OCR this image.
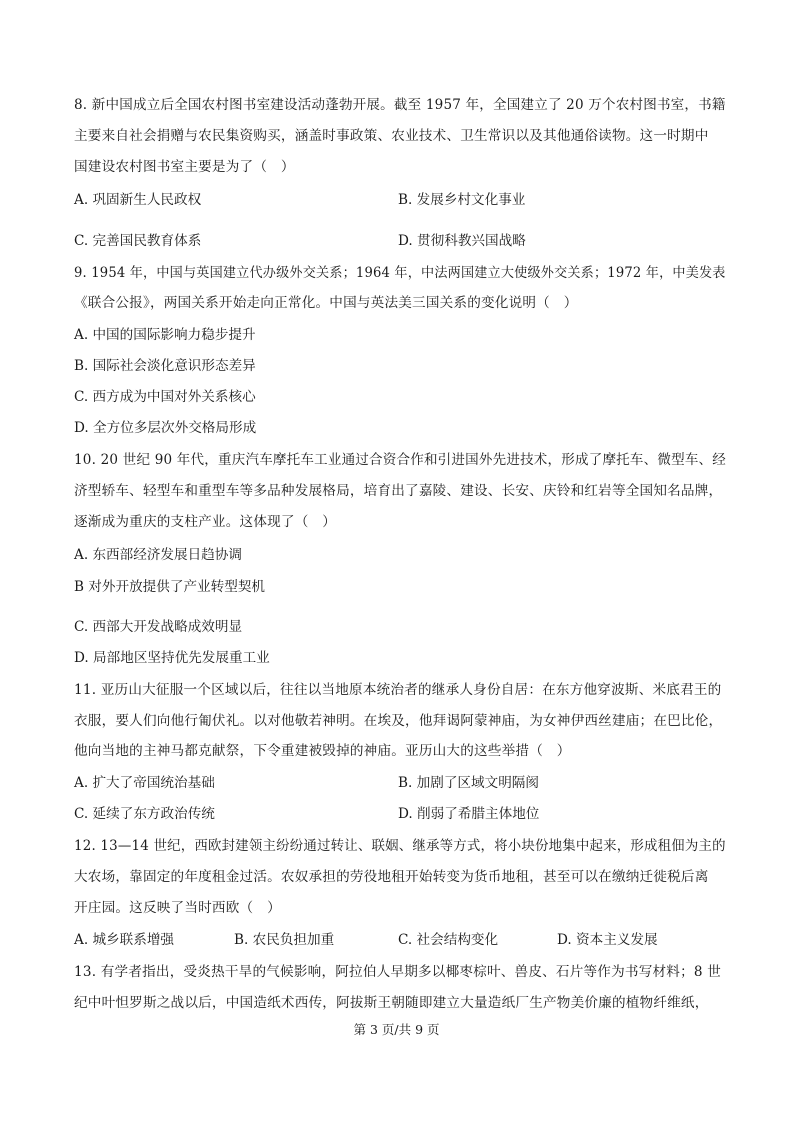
8. 新中国成立后全国农村图书室建设活动蓬勃开展。截至 1957 年，全国建立了 20 万个农村图书室，书籍
主要来自社会捐赠与农民集资购买，涵盖时事政策、农业技术、卫生常识以及其他通俗读物。这一时期中
国建设农村图书室主要是为了（　）
A. 巩固新生人民政权	B. 发展乡村文化事业
C. 完善国民教育体系	D. 贯彻科教兴国战略
9. 1954 年，中国与英国建立代办级外交关系；1964 年，中法两国建立大使级外交关系；1972 年，中美发表
《联合公报》，两国关系开始走向正常化。中国与英法美三国关系的变化说明（　）
A. 中国的国际影响力稳步提升
B. 国际社会淡化意识形态差异
C. 西方成为中国对外关系核心
D. 全方位多层次外交格局形成
10. 20 世纪 90 年代，重庆汽车摩托车工业通过合资合作和引进国外先进技术，形成了摩托车、微型车、经
济型轿车、轻型车和重型车等多品种发展格局，培育出了嘉陵、建设、长安、庆铃和红岩等全国知名品牌，
逐渐成为重庆的支柱产业。这体现了（　）
A. 东西部经济发展日趋协调
B 对外开放提供了产业转型契机
C. 西部大开发战略成效明显
D. 局部地区坚持优先发展重工业
11. 亚历山大征服一个区域以后，往往以当地原本统治者的继承人身份自居：在东方他穿波斯、米底君王的
衣服，要人们向他行匍伏礼。以对他敬若神明。在埃及，他拜谒阿蒙神庙，为女神伊西丝建庙；在巴比伦，
他向当地的主神马都克献祭，下令重建被毁掉的神庙。亚历山大的这些举措（　）
A. 扩大了帝国统治基础	B. 加剧了区域文明隔阂
C. 延续了东方政治传统	D. 削弱了希腊主体地位
12. 13—14 世纪，西欧封建领主纷纷通过转让、联姻、继承等方式，将小块份地集中起来，形成租佃为主的
大农场，靠固定的年度租金过活。农奴承担的劳役地租开始转变为货币地租，甚至可以在缴纳迁徙税后离
开庄园。这反映了当时西欧（　）
A. 城乡联系增强	B. 农民负担加重	C. 社会结构变化	D. 资本主义发展
13. 有学者指出，受炎热干旱的气候影响，阿拉伯人早期多以椰枣棕叶、兽皮、石片等作为书写材料；8 世
纪中叶怛罗斯之战以后，中国造纸术西传，阿拔斯王朝随即建立大量造纸厂生产物美价廉的植物纤维纸，
第 3 页/共 9 页
